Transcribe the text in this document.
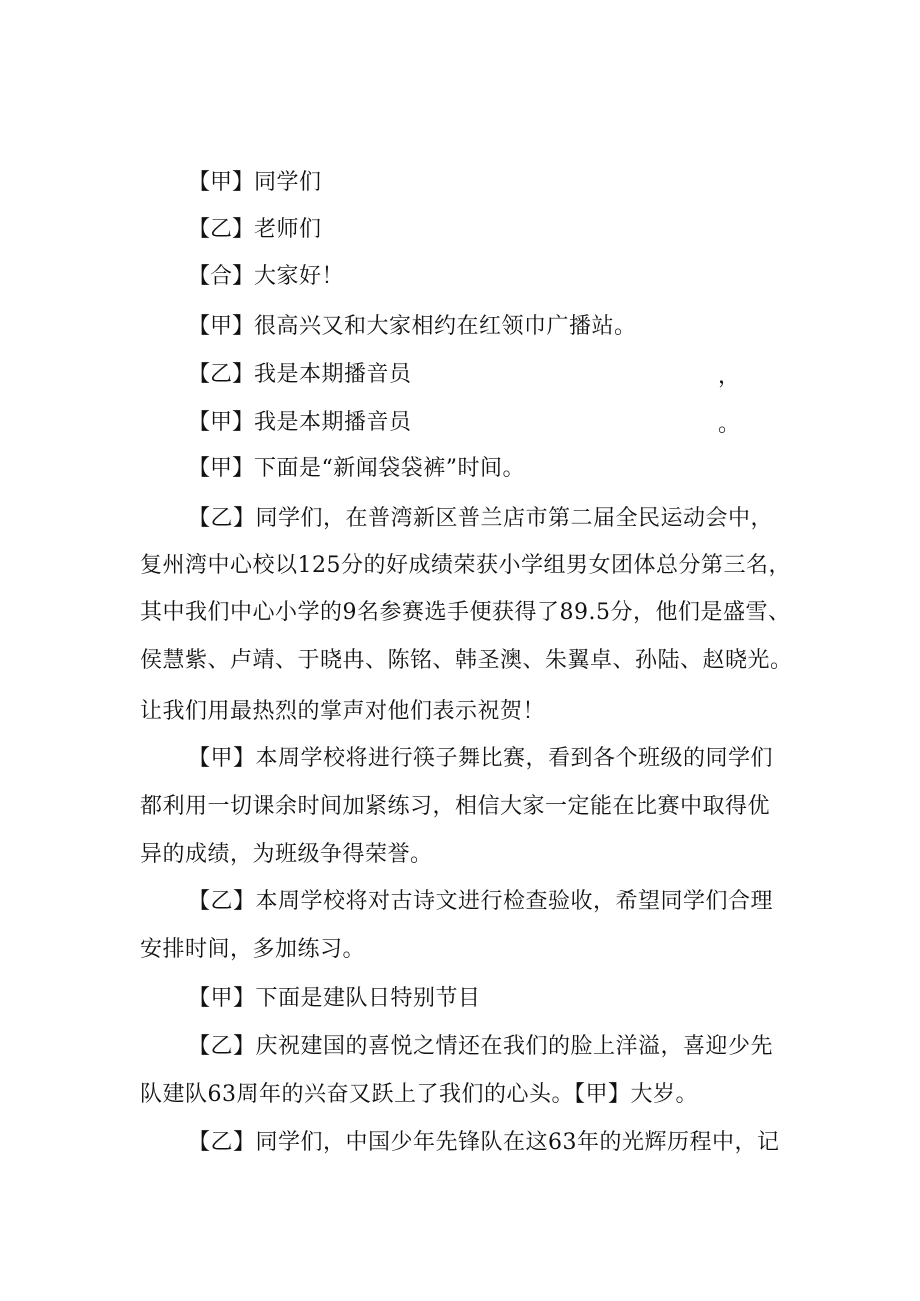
【甲】同学们
【乙】老师们
【合】大家好！
【甲】很高兴又和大家相约在红领巾广播站。
【乙】我是本期播音员	，
【甲】我是本期播音员	。
【甲】下面是“新闻袋袋裤”时间。
【乙】同学们，在普湾新区普兰店市第二届全民运动会中，
复州湾中心校以125分的好成绩荣获小学组男女团体总分第三名，
其中我们中心小学的9名参赛选手便获得了89.5分，他们是盛雪、
侯慧紫、卢靖、于晓冉、陈铭、韩圣澳、朱翼卓、孙陆、赵晓光。
让我们用最热烈的掌声对他们表示祝贺！
【甲】本周学校将进行筷子舞比赛，看到各个班级的同学们
都利用一切课余时间加紧练习，相信大家一定能在比赛中取得优
异的成绩，为班级争得荣誉。
【乙】本周学校将对古诗文进行检查验收，希望同学们合理
安排时间，多加练习。
【甲】下面是建队日特别节目
【乙】庆祝建国的喜悦之情还在我们的脸上洋溢，喜迎少先
队建队63周年的兴奋又跃上了我们的心头。【甲】大岁。
【乙】同学们，中国少年先锋队在这63年的光辉历程中，记
